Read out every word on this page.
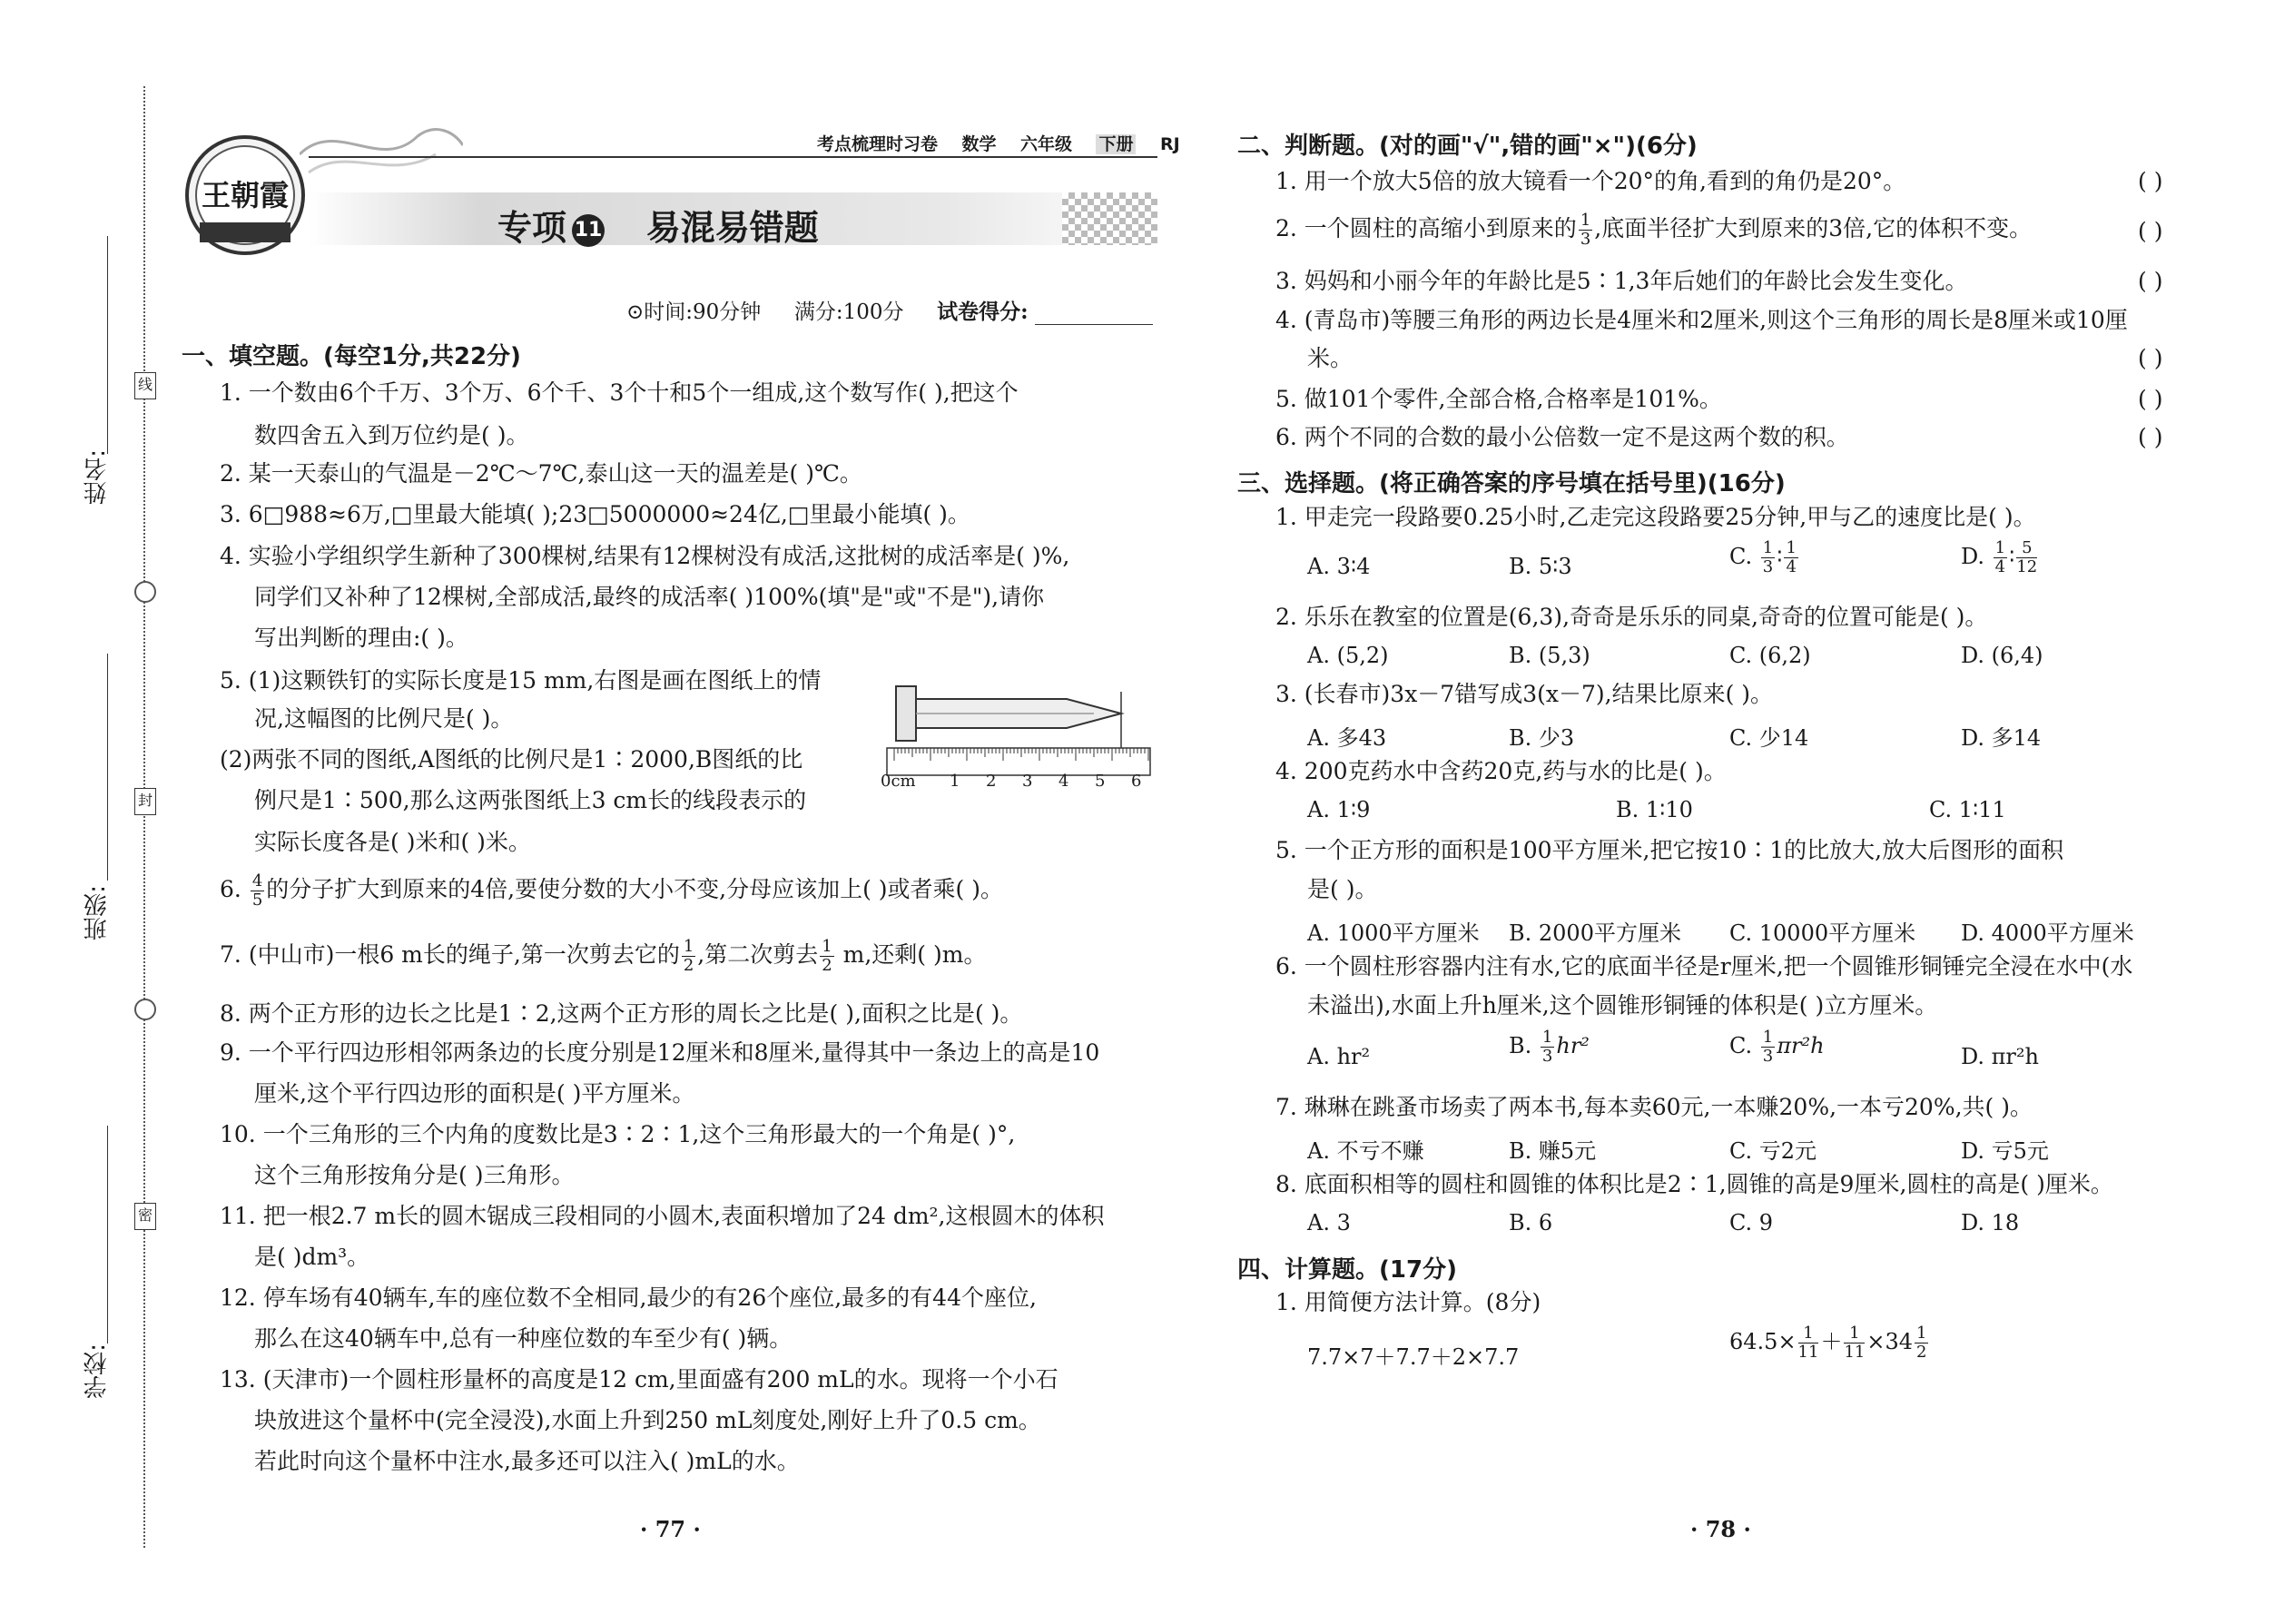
线
封
密
姓名:
班级:
学校:
王朝霞
考点梳理时习卷 数学 六年级 下册 RJ
专项 11 易混易错题
⊙时间:90分钟 满分:100分 试卷得分:
一、填空题。(每空1分,共22分)
1. 一个数由6个千万、3个万、6个千、3个十和5个一组成,这个数写作( ),把这个
数四舍五入到万位约是( )。
2. 某一天泰山的气温是－2℃～7℃,泰山这一天的温差是( )℃。
3. 6□988≈6万,□里最大能填( );23□5000000≈24亿,□里最小能填( )。
4. 实验小学组织学生新种了300棵树,结果有12棵树没有成活,这批树的成活率是( )%,
同学们又补种了12棵树,全部成活,最终的成活率( )100%(填"是"或"不是"),请你
写出判断的理由:( )。
5. (1)这颗铁钉的实际长度是15 mm,右图是画在图纸上的情
况,这幅图的比例尺是( )。
(2)两张不同的图纸,A图纸的比例尺是1∶2000,B图纸的比
例尺是1∶500,那么这两张图纸上3 cm长的线段表示的
实际长度各是( )米和( )米。
0cm 1 2 3 4 5 6
6. $\frac{4}{5}$ 的分子扩大到原来的4倍,要使分数的大小不变,分母应该加上( )或者乘( )。
7. (中山市)一根6 m长的绳子,第一次剪去它的 $\frac{1}{2}$ ,第二次剪去 $\frac{1}{2} m$,还剩( )m。
8. 两个正方形的边长之比是1∶2,这两个正方形的周长之比是( ),面积之比是( )。
9. 一个平行四边形相邻两条边的长度分别是12厘米和8厘米,量得其中一条边上的高是10
厘米,这个平行四边形的面积是( )平方厘米。
10. 一个三角形的三个内角的度数比是3∶2∶1,这个三角形最大的一个角是( )°,
这个三角形按角分是( )三角形。
11. 把一根2.7 m长的圆木锯成三段相同的小圆木,表面积增加了24 dm²,这根圆木的体积
是( )dm³。
12. 停车场有40辆车,车的座位数不全相同,最少的有26个座位,最多的有44个座位,
那么在这40辆车中,总有一种座位数的车至少有( )辆。
13. (天津市)一个圆柱形量杯的高度是12 cm,里面盛有200 mL的水。现将一个小石
块放进这个量杯中(完全浸没),水面上升到250 mL刻度处,刚好上升了0.5 cm。
若此时向这个量杯中注水,最多还可以注入( )mL的水。
· 77 ·
二、判断题。(对的画"√",错的画"×")(6分)
1. 用一个放大5倍的放大镜看一个20°的角,看到的角仍是20°。	( )
2. 一个圆柱的高缩小到原来的 $\frac{1}{3}$ ,底面半径扩大到原来的3倍,它的体积不变。	( )
3. 妈妈和小丽今年的年龄比是5∶1,3年后她们的年龄比会发生变化。	( )
4. (青岛市)等腰三角形的两边长是4厘米和2厘米,则这个三角形的周长是8厘米或10厘
米。	( )
5. 做101个零件,全部合格,合格率是101%。	( )
6. 两个不同的合数的最小公倍数一定不是这两个数的积。	( )
三、选择题。(将正确答案的序号填在括号里)(16分)
1. 甲走完一段路要0.25小时,乙走完这段路要25分钟,甲与乙的速度比是( )。
A. 3∶4	B. 5∶3	C. $\frac{1}{3}$ ∶ $\frac{1}{4}$	D. $\frac{1}{4}$ ∶ $\frac{5}{12}$
2. 乐乐在教室的位置是(6,3),奇奇是乐乐的同桌,奇奇的位置可能是( )。
A. (5,2)	B. (5,3)	C. (6,2)	D. (6,4)
3. (长春市)3x－7错写成3(x－7),结果比原来( )。
A. 多43	B. 少3	C. 少14	D. 多14
4. 200克药水中含药20克,药与水的比是( )。
A. 1∶9	B. 1∶10	C. 1∶11
5. 一个正方形的面积是100平方厘米,把它按10∶1的比放大,放大后图形的面积
是( )。
A. 1000平方厘米 B. 2000平方厘米 C. 10000平方厘米 D. 4000平方厘米
6. 一个圆柱形容器内注有水,它的底面半径是r厘米,把一个圆锥形铜锤完全浸在水中(水
未溢出),水面上升h厘米,这个圆锥形铜锤的体积是( )立方厘米。
A. hr²	B. $\frac{1}{3} hr^2$	C. $\frac{1}{3} \pi r^2h$	D. πr²h
7. 琳琳在跳蚤市场卖了两本书,每本卖60元,一本赚20%,一本亏20%,共( )。
A. 不亏不赚	B. 赚5元	C. 亏2元	D. 亏5元
8. 底面积相等的圆柱和圆锥的体积比是2∶1,圆锥的高是9厘米,圆柱的高是( )厘米。
A. 3	B. 6	C. 9	D. 18
四、计算题。(17分)
1. 用简便方法计算。(8分)
7.7×7＋7.7＋2×7.7
$64.5\times \frac{1}{11} + \frac{1}{11} \times 34 \frac{1}{2}$
· 78 ·
